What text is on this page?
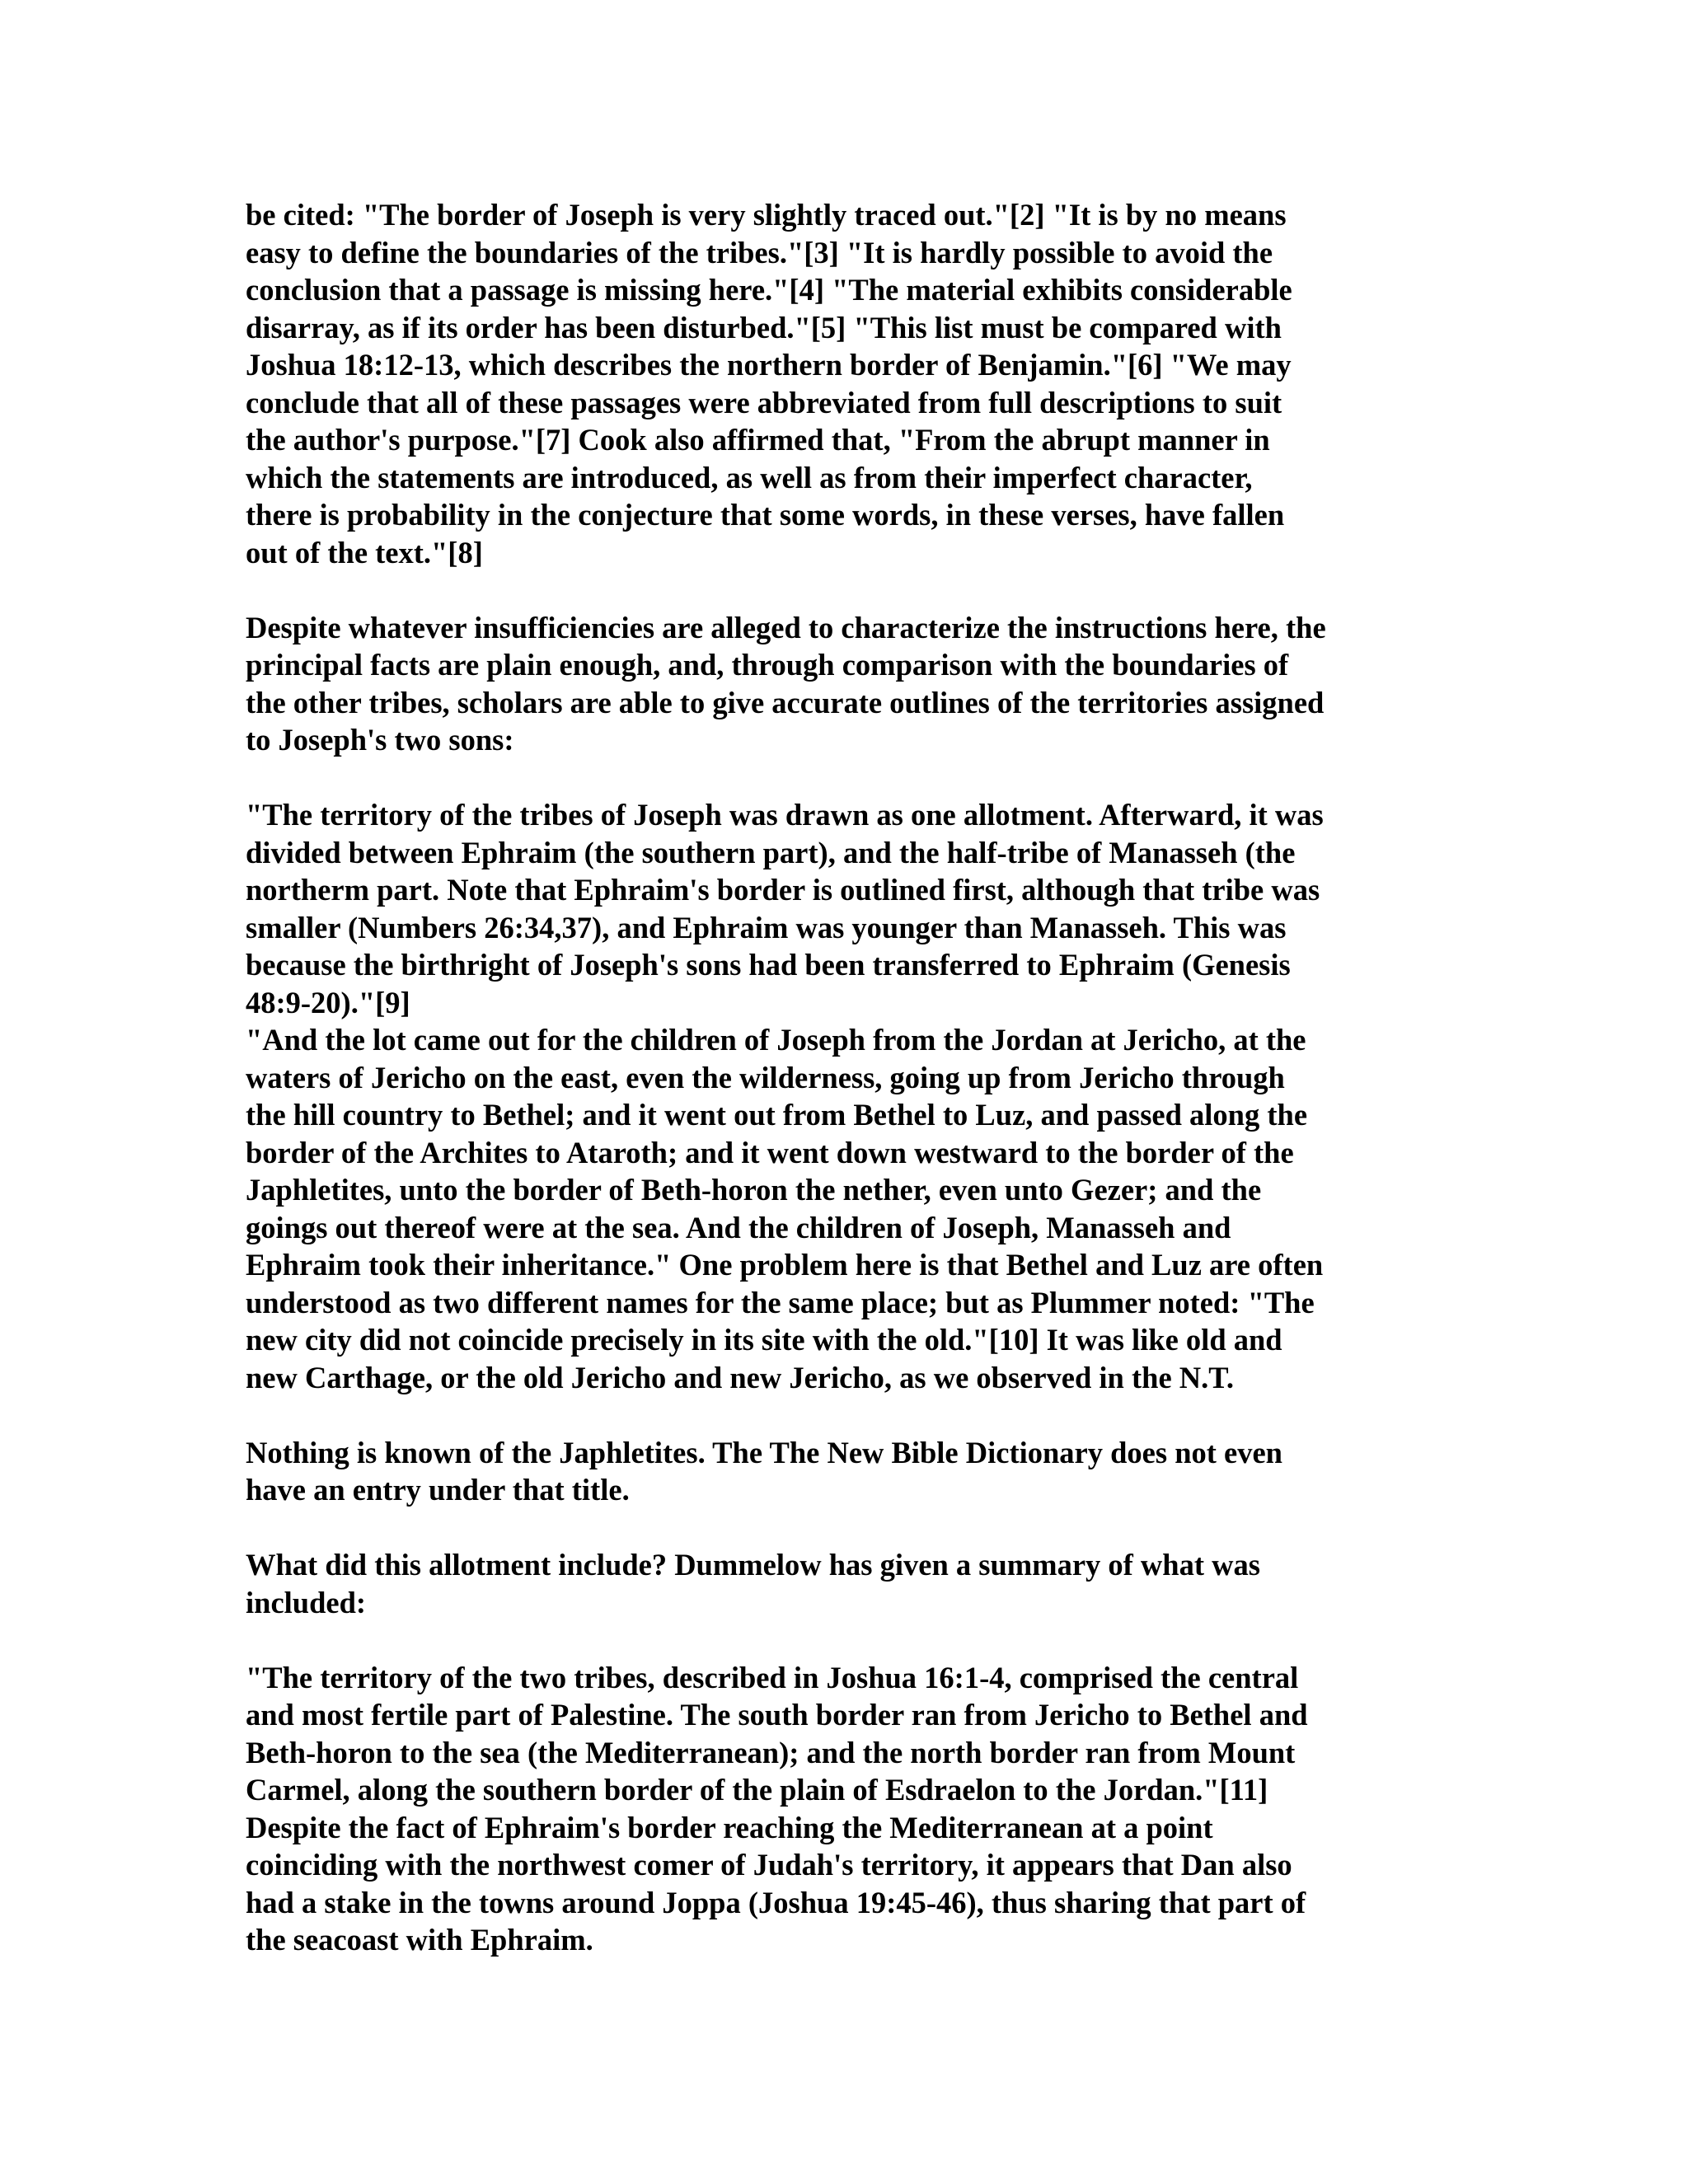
be cited: "The border of Joseph is very slightly traced out."[2] "It is by no means
easy to define the boundaries of the tribes."[3] "It is hardly possible to avoid the
conclusion that a passage is missing here."[4] "The material exhibits considerable
disarray, as if its order has been disturbed."[5] "This list must be compared with
Joshua 18:12-13, which describes the northern border of Benjamin."[6] "We may
conclude that all of these passages were abbreviated from full descriptions to suit
the author's purpose."[7] Cook also affirmed that, "From the abrupt manner in
which the statements are introduced, as well as from their imperfect character,
there is probability in the conjecture that some words, in these verses, have fallen
out of the text."[8]
Despite whatever insufficiencies are alleged to characterize the instructions here, the
principal facts are plain enough, and, through comparison with the boundaries of
the other tribes, scholars are able to give accurate outlines of the territories assigned
to Joseph's two sons:
"The territory of the tribes of Joseph was drawn as one allotment. Afterward, it was
divided between Ephraim (the southern part), and the half-tribe of Manasseh (the
northerm part. Note that Ephraim's border is outlined first, although that tribe was
smaller (Numbers 26:34,37), and Ephraim was younger than Manasseh. This was
because the birthright of Joseph's sons had been transferred to Ephraim (Genesis
48:9-20)."[9]
"And the lot came out for the children of Joseph from the Jordan at Jericho, at the
waters of Jericho on the east, even the wilderness, going up from Jericho through
the hill country to Bethel; and it went out from Bethel to Luz, and passed along the
border of the Archites to Ataroth; and it went down westward to the border of the
Japhletites, unto the border of Beth-horon the nether, even unto Gezer; and the
goings out thereof were at the sea. And the children of Joseph, Manasseh and
Ephraim took their inheritance." One problem here is that Bethel and Luz are often
understood as two different names for the same place; but as Plummer noted: "The
new city did not coincide precisely in its site with the old."[10] It was like old and
new Carthage, or the old Jericho and new Jericho, as we observed in the N.T.
Nothing is known of the Japhletites. The The New Bible Dictionary does not even
have an entry under that title.
What did this allotment include? Dummelow has given a summary of what was
included:
"The territory of the two tribes, described in Joshua 16:1-4, comprised the central
and most fertile part of Palestine. The south border ran from Jericho to Bethel and
Beth-horon to the sea (the Mediterranean); and the north border ran from Mount
Carmel, along the southern border of the plain of Esdraelon to the Jordan."[11]
Despite the fact of Ephraim's border reaching the Mediterranean at a point
coinciding with the northwest comer of Judah's territory, it appears that Dan also
had a stake in the towns around Joppa (Joshua 19:45-46), thus sharing that part of
the seacoast with Ephraim.
